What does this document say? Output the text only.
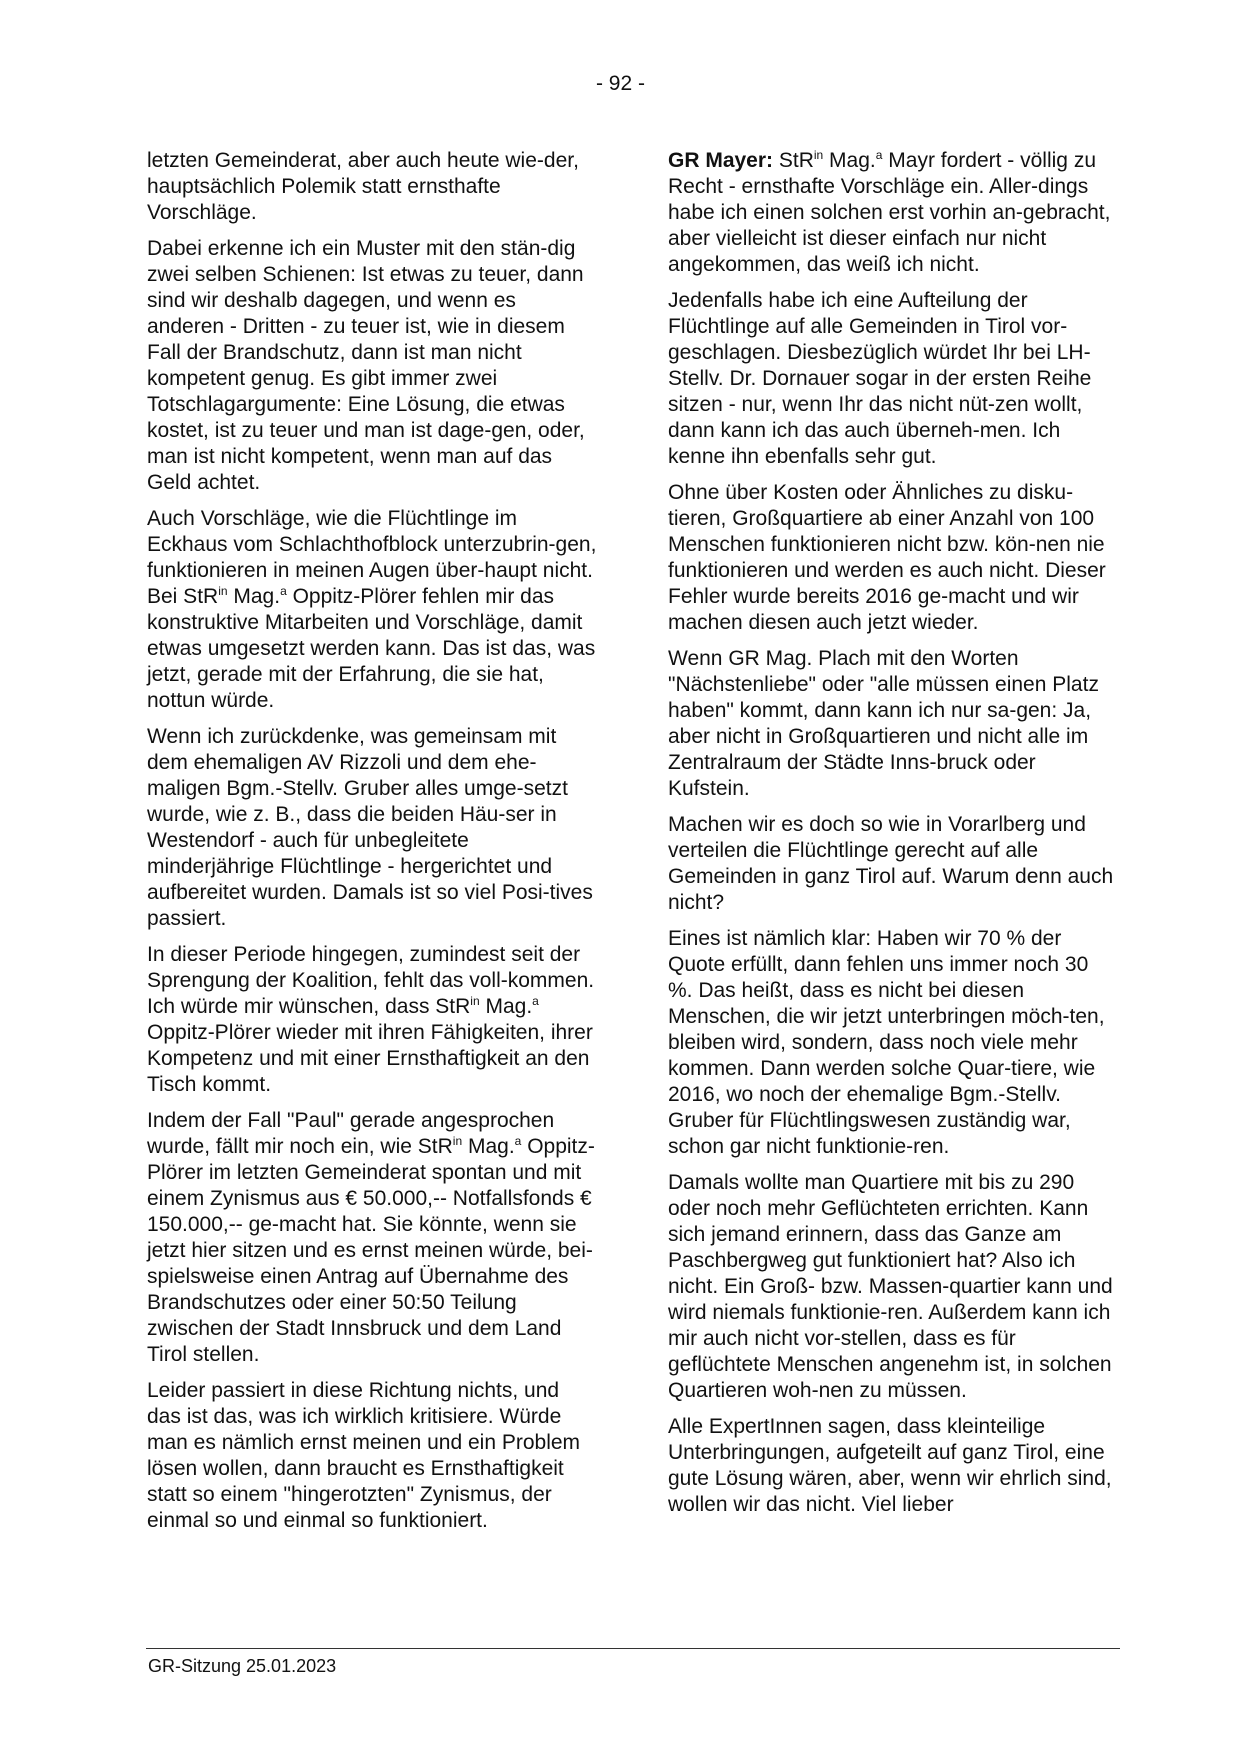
- 92 -

letzten Gemeinderat, aber auch heute wie-der, hauptsächlich Polemik statt ernsthafte Vorschläge.

Dabei erkenne ich ein Muster mit den stän-dig zwei selben Schienen: Ist etwas zu teuer, dann sind wir deshalb dagegen, und wenn es anderen - Dritten - zu teuer ist, wie in diesem Fall der Brandschutz, dann ist man nicht kompetent genug. Es gibt immer zwei Totschlagargumente: Eine Lösung, die etwas kostet, ist zu teuer und man ist dage-gen, oder, man ist nicht kompetent, wenn man auf das Geld achtet.

Auch Vorschläge, wie die Flüchtlinge im Eckhaus vom Schlachthofblock unterzubrin-gen, funktionieren in meinen Augen über-haupt nicht. Bei StR$^{in}$ Mag.$^a$ Oppitz-Plörer fehlen mir das konstruktive Mitarbeiten und Vorschläge, damit etwas umgesetzt werden kann. Das ist das, was jetzt, gerade mit der Erfahrung, die sie hat, nottun würde.

Wenn ich zurückdenke, was gemeinsam mit dem ehemaligen AV Rizzoli und dem ehe-maligen Bgm.-Stellv. Gruber alles umge-setzt wurde, wie z. B., dass die beiden Häu-ser in Westendorf - auch für unbegleitete minderjährige Flüchtlinge - hergerichtet und aufbereitet wurden. Damals ist so viel Posi-tives passiert.

In dieser Periode hingegen, zumindest seit der Sprengung der Koalition, fehlt das voll-kommen. Ich würde mir wünschen, dass StR$^{in}$ Mag.$^a$ Oppitz-Plörer wieder mit ihren Fähigkeiten, ihrer Kompetenz und mit einer Ernsthaftigkeit an den Tisch kommt.

Indem der Fall "Paul" gerade angesprochen wurde, fällt mir noch ein, wie StR$^{in}$ Mag.$^a$ Oppitz-Plörer im letzten Gemeinderat spontan und mit einem Zynismus aus € 50.000,-- Notfallsfonds € 150.000,-- ge-macht hat. Sie könnte, wenn sie jetzt hier sitzen und es ernst meinen würde, bei-spielsweise einen Antrag auf Übernahme des Brandschutzes oder einer 50:50 Teilung zwischen der Stadt Innsbruck und dem Land Tirol stellen.

Leider passiert in diese Richtung nichts, und das ist das, was ich wirklich kritisiere. Würde man es nämlich ernst meinen und ein Problem lösen wollen, dann braucht es Ernsthaftigkeit statt so einem "hingerotzten" Zynismus, der einmal so und einmal so funktioniert.

GR Mayer: StR$^{in}$ Mag.$^a$ Mayr fordert - völlig zu Recht - ernsthafte Vorschläge ein. Aller-dings habe ich einen solchen erst vorhin an-gebracht, aber vielleicht ist dieser einfach nur nicht angekommen, das weiß ich nicht.

Jedenfalls habe ich eine Aufteilung der Flüchtlinge auf alle Gemeinden in Tirol vor-geschlagen. Diesbezüglich würdet Ihr bei LH-Stellv. Dr. Dornauer sogar in der ersten Reihe sitzen - nur, wenn Ihr das nicht nüt-zen wollt, dann kann ich das auch überneh-men. Ich kenne ihn ebenfalls sehr gut.

Ohne über Kosten oder Ähnliches zu disku-tieren, Großquartiere ab einer Anzahl von 100 Menschen funktionieren nicht bzw. kön-nen nie funktionieren und werden es auch nicht. Dieser Fehler wurde bereits 2016 ge-macht und wir machen diesen auch jetzt wieder.

Wenn GR Mag. Plach mit den Worten "Nächstenliebe" oder "alle müssen einen Platz haben" kommt, dann kann ich nur sa-gen: Ja, aber nicht in Großquartieren und nicht alle im Zentralraum der Städte Inns-bruck oder Kufstein.

Machen wir es doch so wie in Vorarlberg und verteilen die Flüchtlinge gerecht auf alle Gemeinden in ganz Tirol auf. Warum denn auch nicht?

Eines ist nämlich klar: Haben wir 70 % der Quote erfüllt, dann fehlen uns immer noch 30 %. Das heißt, dass es nicht bei diesen Menschen, die wir jetzt unterbringen möch-ten, bleiben wird, sondern, dass noch viele mehr kommen. Dann werden solche Quar-tiere, wie 2016, wo noch der ehemalige Bgm.-Stellv. Gruber für Flüchtlingswesen zuständig war, schon gar nicht funktionie-ren.

Damals wollte man Quartiere mit bis zu 290 oder noch mehr Geflüchteten errichten. Kann sich jemand erinnern, dass das Ganze am Paschbergweg gut funktioniert hat? Also ich nicht. Ein Groß- bzw. Massen-quartier kann und wird niemals funktionie-ren. Außerdem kann ich mir auch nicht vor-stellen, dass es für geflüchtete Menschen angenehm ist, in solchen Quartieren woh-nen zu müssen.

Alle ExpertInnen sagen, dass kleinteilige Unterbringungen, aufgeteilt auf ganz Tirol, eine gute Lösung wären, aber, wenn wir ehrlich sind, wollen wir das nicht. Viel lieber

GR-Sitzung 25.01.2023
